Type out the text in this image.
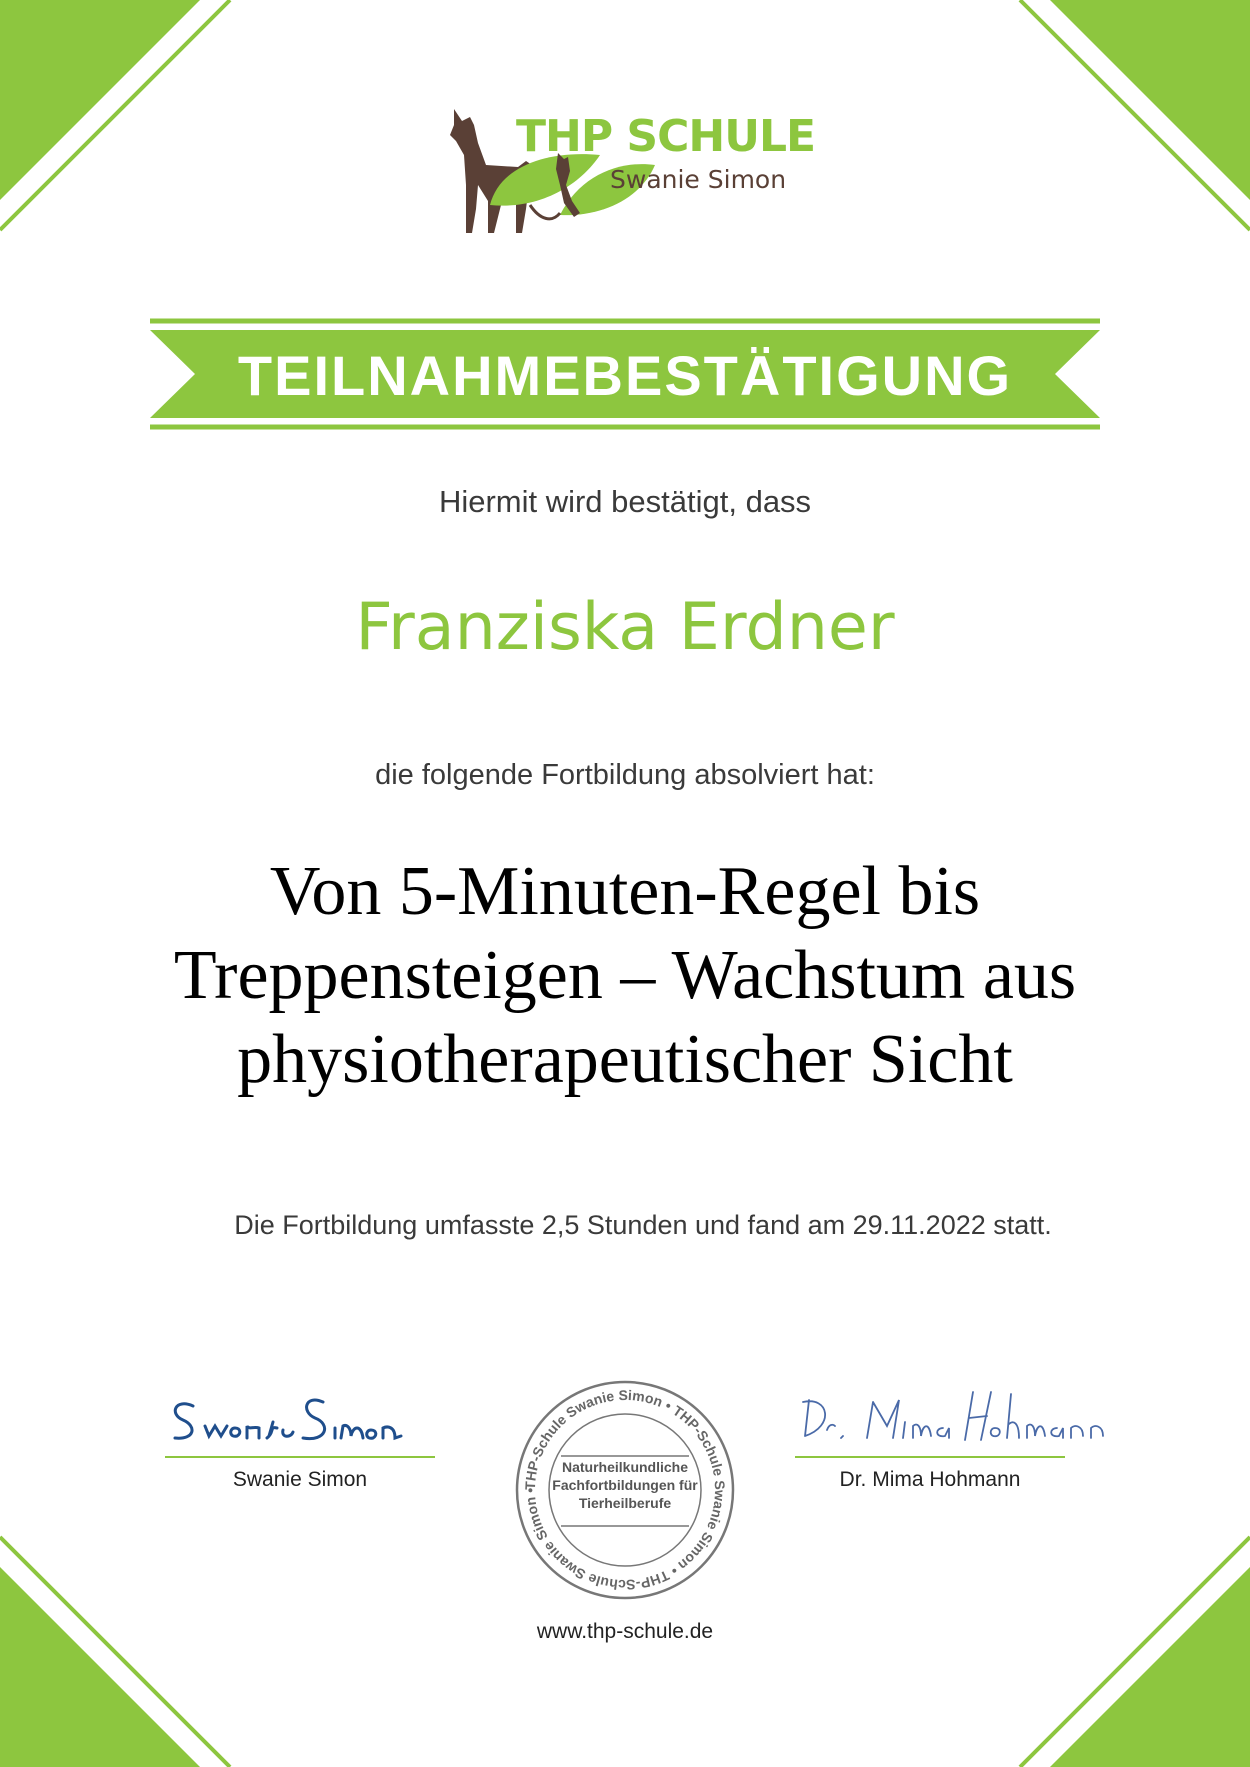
THP SCHULE
Swanie Simon
TEILNAHMEBESTÄTIGUNG
Hiermit wird bestätigt, dass
Franziska Erdner
die folgende Fortbildung absolviert hat:
Von 5-Minuten-Regel bis
Treppensteigen – Wachstum aus
physiotherapeutischer Sicht
Die Fortbildung umfasste 2,5 Stunden und fand am 29.11.2022 statt.
Swanie Simon	THP-Schule Swanie Simon • THP-Schule Swanie Simon • THP-Schule Swanie Simon •
Naturheilkundliche
Fachfortbildungen für
Tierheilberufe
Dr. Mima Hohmann
www.thp-schule.de
